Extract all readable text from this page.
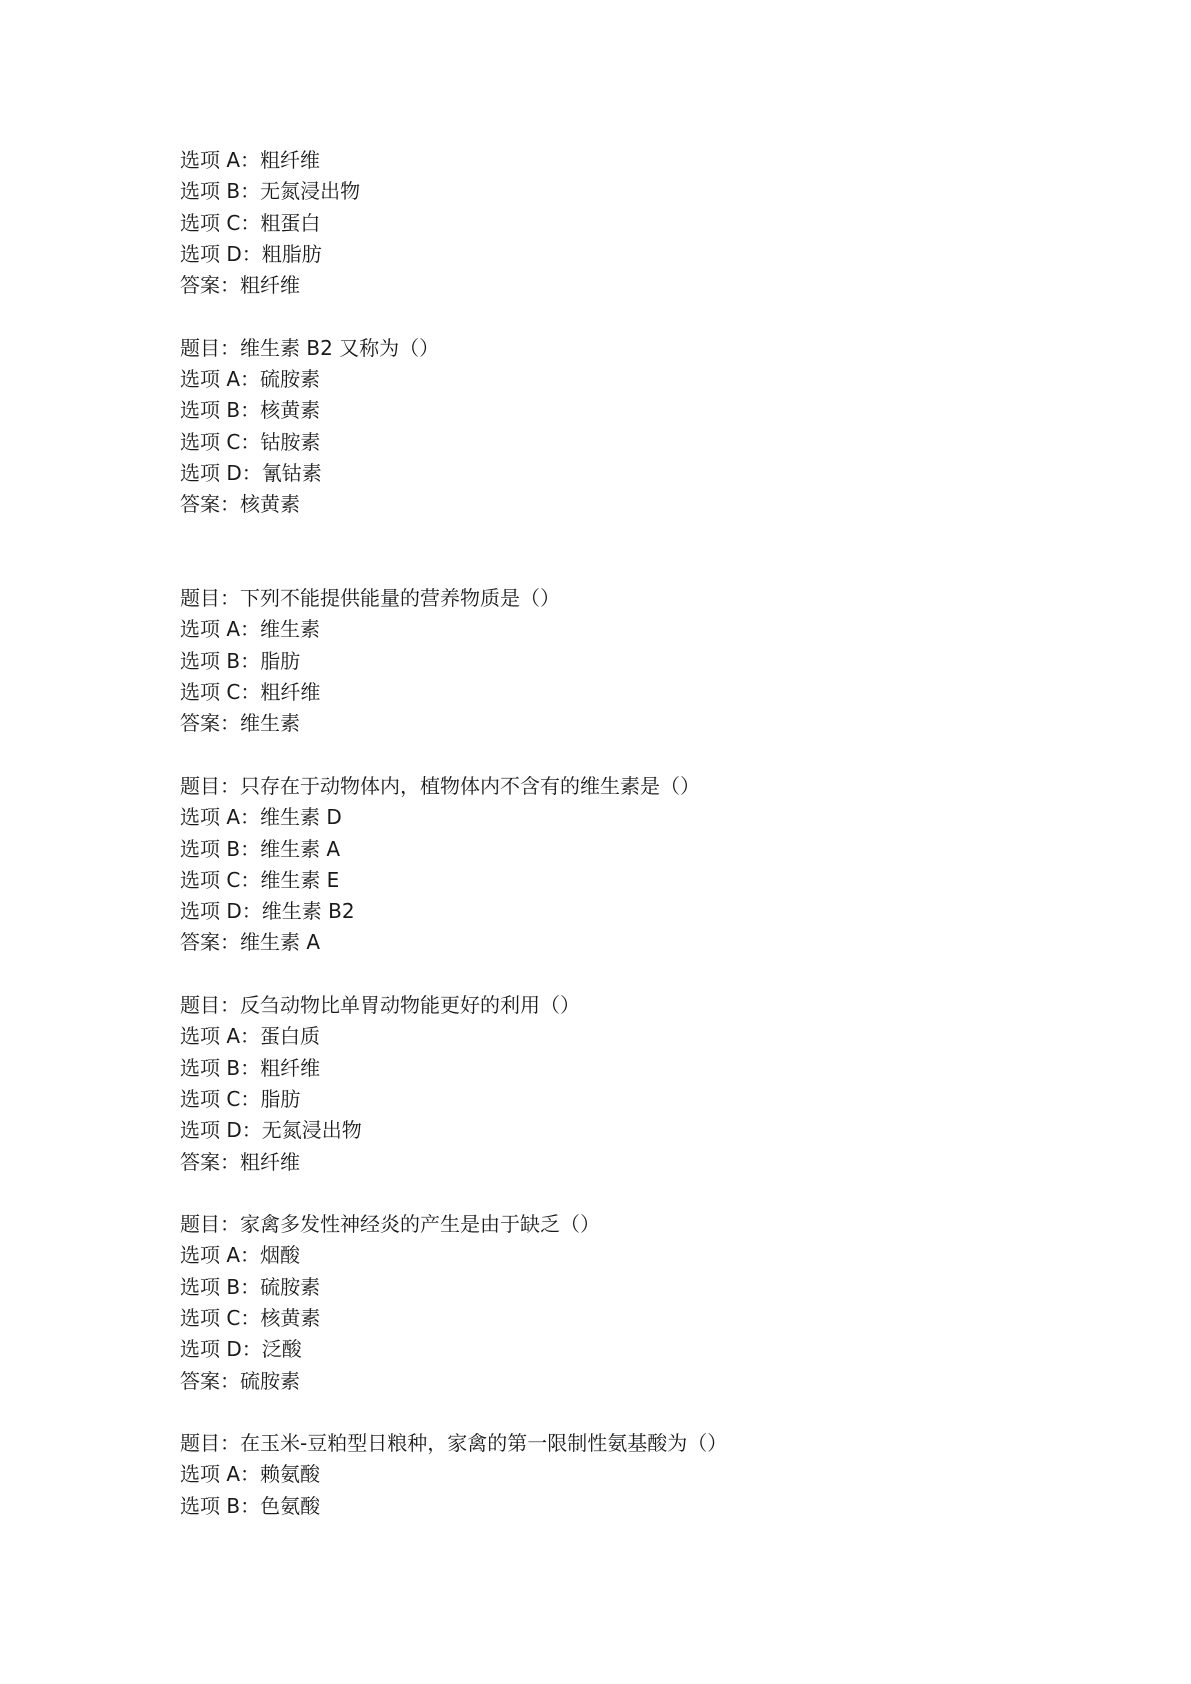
选项 A：粗纤维
选项 B：无氮浸出物
选项 C：粗蛋白
选项 D：粗脂肪
答案：粗纤维
题目：维生素 B2 又称为（）
选项 A：硫胺素
选项 B：核黄素
选项 C：钴胺素
选项 D：氰钴素
答案：核黄素
题目：下列不能提供能量的营养物质是（）
选项 A：维生素
选项 B：脂肪
选项 C：粗纤维
答案：维生素
题目：只存在于动物体内，植物体内不含有的维生素是（）
选项 A：维生素 D
选项 B：维生素 A
选项 C：维生素 E
选项 D：维生素 B2
答案：维生素 A
题目：反刍动物比单胃动物能更好的利用（）
选项 A：蛋白质
选项 B：粗纤维
选项 C：脂肪
选项 D：无氮浸出物
答案：粗纤维
题目：家禽多发性神经炎的产生是由于缺乏（）
选项 A：烟酸
选项 B：硫胺素
选项 C：核黄素
选项 D：泛酸
答案：硫胺素
题目：在玉米-豆粕型日粮种，家禽的第一限制性氨基酸为（）
选项 A：赖氨酸
选项 B：色氨酸
